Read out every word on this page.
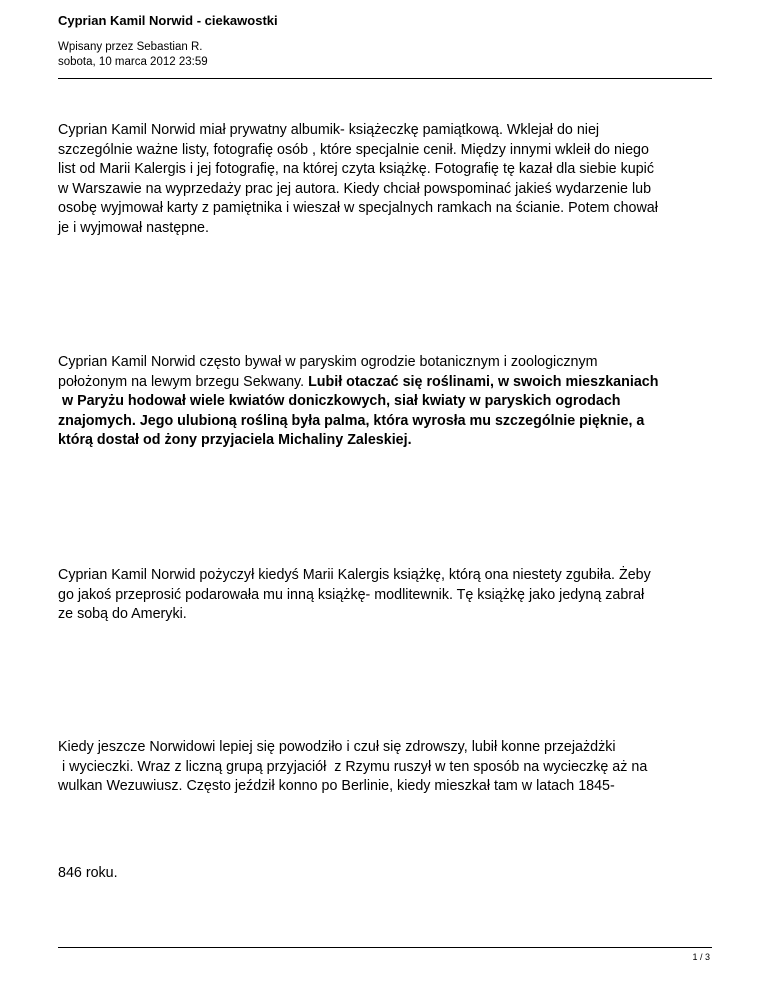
Cyprian Kamil Norwid - ciekawostki
Wpisany przez Sebastian R.
sobota, 10 marca 2012 23:59

Cyprian Kamil Norwid miał prywatny albumik- książeczkę pamiątkową. Wklejał do niej
szczególnie ważne listy, fotografię osób , które specjalnie cenił. Między innymi wkleił do niego
list od Marii Kalergis i jej fotografię, na której czyta książkę. Fotografię tę kazał dla siebie kupić
w Warszawie na wyprzedaży prac jej autora. Kiedy chciał powspominać jakieś wydarzenie lub
osobę wyjmował karty z pamiętnika i wieszał w specjalnych ramkach na ścianie. Potem chował
je i wyjmował następne.

Cyprian Kamil Norwid często bywał w paryskim ogrodzie botanicznym i zoologicznym
położonym na lewym brzegu Sekwany. Lubił otaczać się roślinami, w swoich mieszkaniach
w Paryżu hodował wiele kwiatów doniczkowych, siał kwiaty w paryskich ogrodach
znajomych. Jego ulubioną rośliną była palma, która wyrosła mu szczególnie pięknie, a
którą dostał od żony przyjaciela Michaliny Zaleskiej.

Cyprian Kamil Norwid pożyczył kiedyś Marii Kalergis książkę, którą ona niestety zgubiła. Żeby
go jakoś przeprosić podarowała mu inną książkę- modlitewnik. Tę książkę jako jedyną zabrał
ze sobą do Ameryki.

Kiedy jeszcze Norwidowi lepiej się powodziło i czuł się zdrowszy, lubił konne przejażdżki
i wycieczki. Wraz z liczną grupą przyjaciół  z Rzymu ruszył w ten sposób na wycieczkę aż na
wulkan Wezuwiusz. Często jeździł konno po Berlinie, kiedy mieszkał tam w latach 1845-

846 roku.

1 / 3
